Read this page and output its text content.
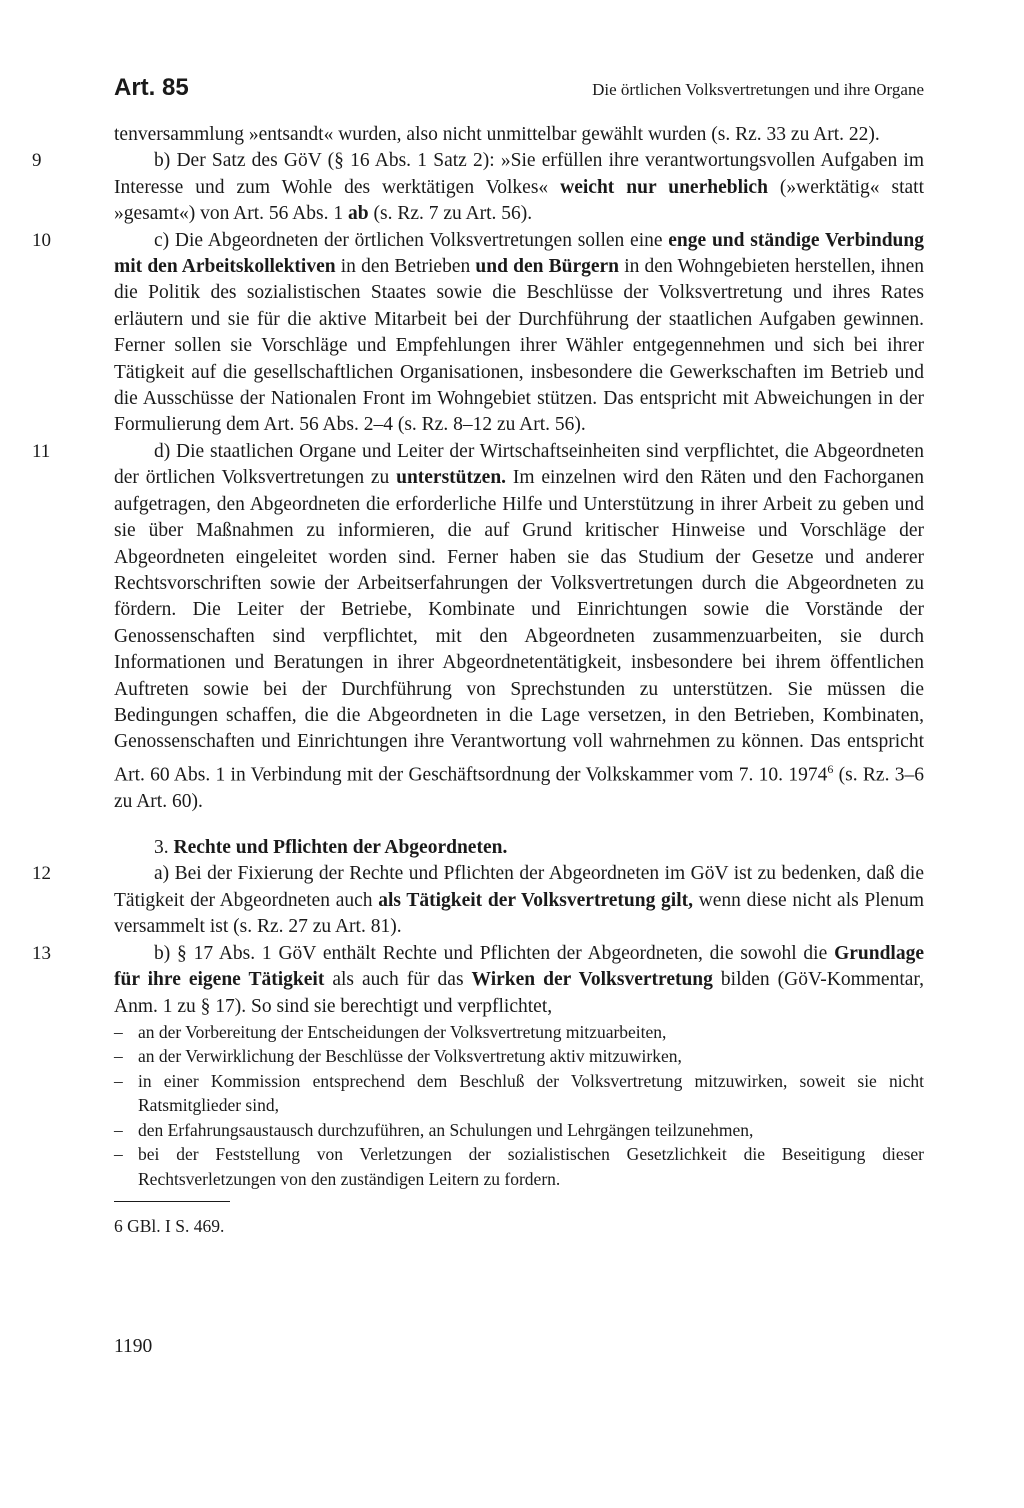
Art. 85	Die örtlichen Volksvertretungen und ihre Organe

tenversammlung »entsandt« wurden, also nicht unmittelbar gewählt wurden (s. Rz. 33 zu Art. 22).

9	b) Der Satz des GöV (§ 16 Abs. 1 Satz 2): »Sie erfüllen ihre verantwortungsvollen Aufgaben im Interesse und zum Wohle des werktätigen Volkes« weicht nur unerheblich (»werktätig« statt »gesamt«) von Art. 56 Abs. 1 ab (s. Rz. 7 zu Art. 56).

10	c) Die Abgeordneten der örtlichen Volksvertretungen sollen eine enge und ständige Verbindung mit den Arbeitskollektiven in den Betrieben und den Bürgern in den Wohngebieten herstellen, ihnen die Politik des sozialistischen Staates sowie die Beschlüsse der Volksvertretung und ihres Rates erläutern und sie für die aktive Mitarbeit bei der Durchführung der staatlichen Aufgaben gewinnen. Ferner sollen sie Vorschläge und Empfehlungen ihrer Wähler entgegennehmen und sich bei ihrer Tätigkeit auf die gesellschaftlichen Organisationen, insbesondere die Gewerkschaften im Betrieb und die Ausschüsse der Nationalen Front im Wohngebiet stützen. Das entspricht mit Abweichungen in der Formulierung dem Art. 56 Abs. 2–4 (s. Rz. 8–12 zu Art. 56).

11	d) Die staatlichen Organe und Leiter der Wirtschaftseinheiten sind verpflichtet, die Abgeordneten der örtlichen Volksvertretungen zu unterstützen. Im einzelnen wird den Räten und den Fachorganen aufgetragen, den Abgeordneten die erforderliche Hilfe und Unterstützung in ihrer Arbeit zu geben und sie über Maßnahmen zu informieren, die auf Grund kritischer Hinweise und Vorschläge der Abgeordneten eingeleitet worden sind. Ferner haben sie das Studium der Gesetze und anderer Rechtsvorschriften sowie der Arbeitserfahrungen der Volksvertretungen durch die Abgeordneten zu fördern. Die Leiter der Betriebe, Kombinate und Einrichtungen sowie die Vorstände der Genossenschaften sind verpflichtet, mit den Abgeordneten zusammenzuarbeiten, sie durch Informationen und Beratungen in ihrer Abgeordnetentätigkeit, insbesondere bei ihrem öffentlichen Auftreten sowie bei der Durchführung von Sprechstunden zu unterstützen. Sie müssen die Bedingungen schaffen, die die Abgeordneten in die Lage versetzen, in den Betrieben, Kombinaten, Genossenschaften und Einrichtungen ihre Verantwortung voll wahrnehmen zu können. Das entspricht Art. 60 Abs. 1 in Verbindung mit der Geschäftsordnung der Volkskammer vom 7. 10. 1974$^6$ (s. Rz. 3–6 zu Art. 60).

3. Rechte und Pflichten der Abgeordneten.

12	a) Bei der Fixierung der Rechte und Pflichten der Abgeordneten im GöV ist zu bedenken, daß die Tätigkeit der Abgeordneten auch als Tätigkeit der Volksvertretung gilt, wenn diese nicht als Plenum versammelt ist (s. Rz. 27 zu Art. 81).

13	b) § 17 Abs. 1 GöV enthält Rechte und Pflichten der Abgeordneten, die sowohl die Grundlage für ihre eigene Tätigkeit als auch für das Wirken der Volksvertretung bilden (GöV-Kommentar, Anm. 1 zu § 17). So sind sie berechtigt und verpflichtet,

– an der Vorbereitung der Entscheidungen der Volksvertretung mitzuarbeiten,
– an der Verwirklichung der Beschlüsse der Volksvertretung aktiv mitzuwirken,
– in einer Kommission entsprechend dem Beschluß der Volksvertretung mitzuwirken, soweit sie nicht Ratsmitglieder sind,
– den Erfahrungsaustausch durchzuführen, an Schulungen und Lehrgängen teilzunehmen,
– bei der Feststellung von Verletzungen der sozialistischen Gesetzlichkeit die Beseitigung dieser Rechtsverletzungen von den zuständigen Leitern zu fordern.

6 GBl. I S. 469.

1190
